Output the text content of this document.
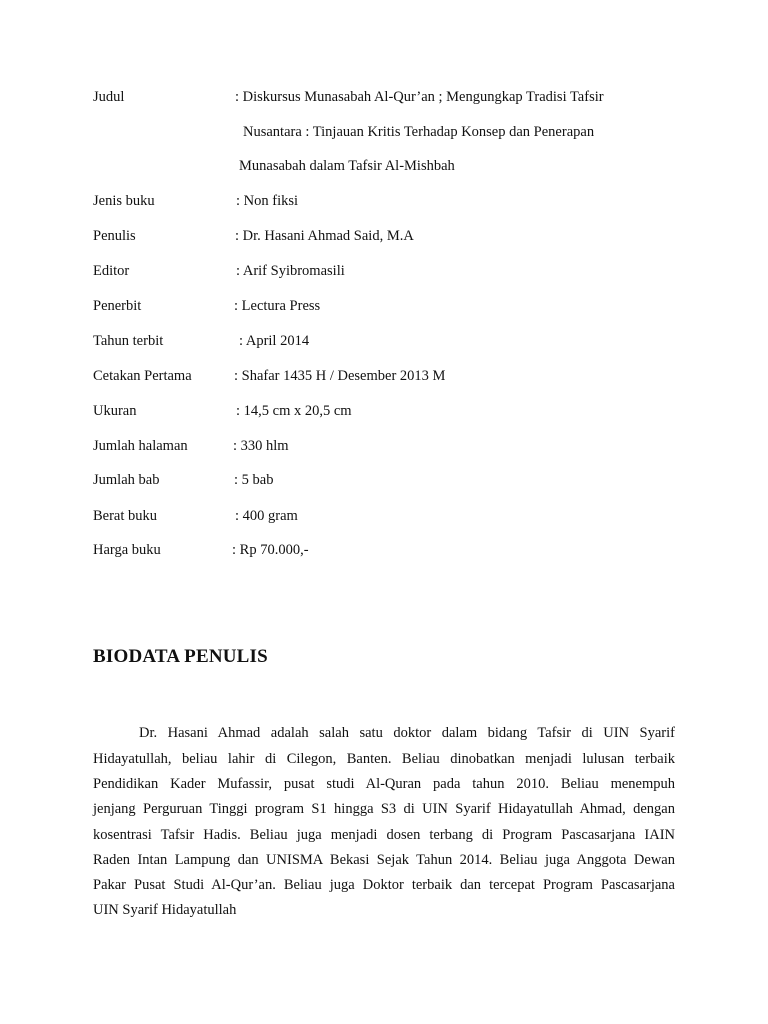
Judul	: Diskursus Munasabah Al-Qur’an ; Mengungkap Tradisi Tafsir
Nusantara : Tinjauan Kritis Terhadap Konsep dan Penerapan
Munasabah dalam Tafsir Al-Mishbah
Jenis buku	: Non fiksi
Penulis	: Dr. Hasani Ahmad Said, M.A
Editor	: Arif Syibromasili
Penerbit	: Lectura Press
Tahun terbit	: April 2014
Cetakan Pertama	: Shafar 1435 H / Desember 2013 M
Ukuran	: 14,5 cm x 20,5 cm
Jumlah halaman	: 330 hlm
Jumlah bab	: 5 bab
Berat buku	: 400 gram
Harga buku	: Rp 70.000,-
BIODATA PENULIS
Dr. Hasani Ahmad adalah salah satu doktor dalam bidang Tafsir di UIN Syarif
Hidayatullah, beliau lahir di Cilegon, Banten. Beliau dinobatkan menjadi lulusan terbaik
Pendidikan Kader Mufassir, pusat studi Al-Quran pada tahun 2010. Beliau menempuh
jenjang Perguruan Tinggi program S1 hingga S3 di UIN Syarif Hidayatullah Ahmad, dengan
kosentrasi Tafsir Hadis. Beliau juga menjadi dosen terbang di Program Pascasarjana IAIN
Raden Intan Lampung dan UNISMA Bekasi Sejak Tahun 2014. Beliau juga Anggota Dewan
Pakar Pusat Studi Al-Qur’an. Beliau juga Doktor terbaik dan tercepat Program Pascasarjana
UIN Syarif Hidayatullah
